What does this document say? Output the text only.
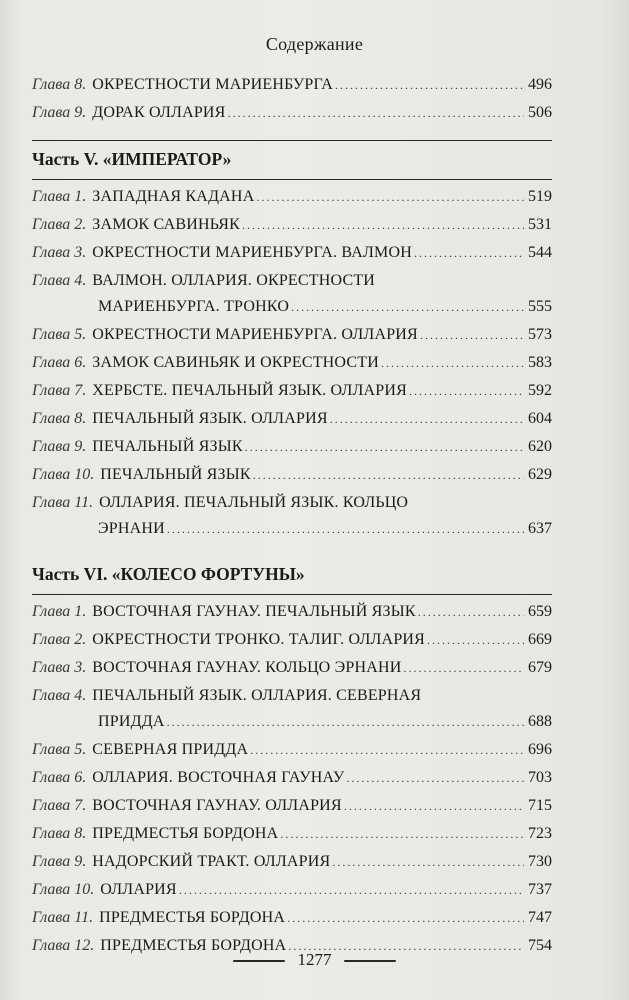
Содержание
Глава 8. ОКРЕСТНОСТИ МАРИЕНБУРГА .....	496
Глава 9. ДОРАК ОЛЛАРИЯ .....	506
Часть V. «ИМПЕРАТОР»
Глава 1. ЗАПАДНАЯ КАДАНА .....	519
Глава 2. ЗАМОК САВИНЬЯК .....	531
Глава 3. ОКРЕСТНОСТИ МАРИЕНБУРГА. ВАЛМОН .....	544
Глава 4. ВАЛМОН. ОЛЛАРИЯ. ОКРЕСТНОСТИ
МАРИЕНБУРГА. ТРОНКО .....	555
Глава 5. ОКРЕСТНОСТИ МАРИЕНБУРГА. ОЛЛАРИЯ .....	573
Глава 6. ЗАМОК САВИНЬЯК И ОКРЕСТНОСТИ .....	583
Глава 7. ХЕРБСТЕ. ПЕЧАЛЬНЫЙ ЯЗЫК. ОЛЛАРИЯ .....	592
Глава 8. ПЕЧАЛЬНЫЙ ЯЗЫК. ОЛЛАРИЯ .....	604
Глава 9. ПЕЧАЛЬНЫЙ ЯЗЫК .....	620
Глава 10. ПЕЧАЛЬНЫЙ ЯЗЫК .....	629
Глава 11. ОЛЛАРИЯ. ПЕЧАЛЬНЫЙ ЯЗЫК. КОЛЬЦО
ЭРНАНИ .....	637
Часть VI. «КОЛЕСО ФОРТУНЫ»
Глава 1. ВОСТОЧНАЯ ГАУНАУ. ПЕЧАЛЬНЫЙ ЯЗЫК .....	659
Глава 2. ОКРЕСТНОСТИ ТРОНКО. ТАЛИГ. ОЛЛАРИЯ .....	669
Глава 3. ВОСТОЧНАЯ ГАУНАУ. КОЛЬЦО ЭРНАНИ .....	679
Глава 4. ПЕЧАЛЬНЫЙ ЯЗЫК. ОЛЛАРИЯ. СЕВЕРНАЯ
ПРИДДА .....	688
Глава 5. СЕВЕРНАЯ ПРИДДА .....	696
Глава 6. ОЛЛАРИЯ. ВОСТОЧНАЯ ГАУНАУ .....	703
Глава 7. ВОСТОЧНАЯ ГАУНАУ. ОЛЛАРИЯ .....	715
Глава 8. ПРЕДМЕСТЬЯ БОРДОНА .....	723
Глава 9. НАДОРСКИЙ ТРАКТ. ОЛЛАРИЯ .....	730
Глава 10. ОЛЛАРИЯ .....	737
Глава 11. ПРЕДМЕСТЬЯ БОРДОНА .....	747
Глава 12. ПРЕДМЕСТЬЯ БОРДОНА .....	754
1277
